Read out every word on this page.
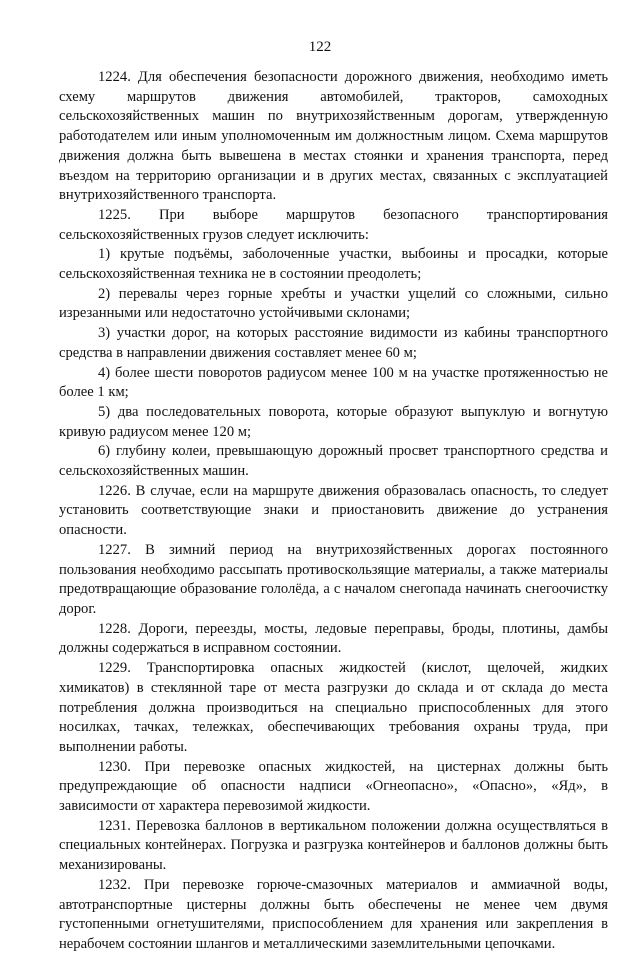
122

1224. Для обеспечения безопасности дорожного движения, необходимо иметь схему маршрутов движения автомобилей, тракторов, самоходных сельскохозяйственных машин по внутрихозяйственным дорогам, утвержденную работодателем или иным уполномоченным им должностным лицом. Схема маршрутов движения должна быть вывешена в местах стоянки и хранения транспорта, перед въездом на территорию организации и в других местах, связанных с эксплуатацией внутрихозяйственного транспорта.

1225. При выборе маршрутов безопасного транспортирования сельскохозяйственных грузов следует исключить:

1) крутые подъёмы, заболоченные участки, выбоины и просадки, которые сельскохозяйственная техника не в состоянии преодолеть;

2) перевалы через горные хребты и участки ущелий со сложными, сильно изрезанными или недостаточно устойчивыми склонами;

3) участки дорог, на которых расстояние видимости из кабины транспортного средства в направлении движения составляет менее 60 м;

4) более шести поворотов радиусом менее 100 м на участке протяженностью не более 1 км;

5) два последовательных поворота, которые образуют выпуклую и вогнутую кривую радиусом менее 120 м;

6) глубину колеи, превышающую дорожный просвет транспортного средства и сельскохозяйственных машин.

1226. В случае, если на маршруте движения образовалась опасность, то следует установить соответствующие знаки и приостановить движение до устранения опасности.

1227. В зимний период на внутрихозяйственных дорогах постоянного пользования необходимо рассыпать противоскользящие материалы, а также материалы предотвращающие образование гололёда, а с началом снегопада начинать снегоочистку дорог.

1228. Дороги, переезды, мосты, ледовые переправы, броды, плотины, дамбы должны содержаться в исправном состоянии.

1229. Транспортировка опасных жидкостей (кислот, щелочей, жидких химикатов) в стеклянной таре от места разгрузки до склада и от склада до места потребления должна производиться на специально приспособленных для этого носилках, тачках, тележках, обеспечивающих требования охраны труда, при выполнении работы.

1230. При перевозке опасных жидкостей, на цистернах должны быть предупреждающие об опасности надписи «Огнеопасно», «Опасно», «Яд», в зависимости от характера перевозимой жидкости.

1231. Перевозка баллонов в вертикальном положении должна осуществляться в специальных контейнерах. Погрузка и разгрузка контейнеров и баллонов должны быть механизированы.

1232. При перевозке горюче-смазочных материалов и аммиачной воды, автотранспортные цистерны должны быть обеспечены не менее чем двумя густопенными огнетушителями, приспособлением для хранения или закрепления в нерабочем состоянии шлангов и металлическими заземлительными цепочками.
